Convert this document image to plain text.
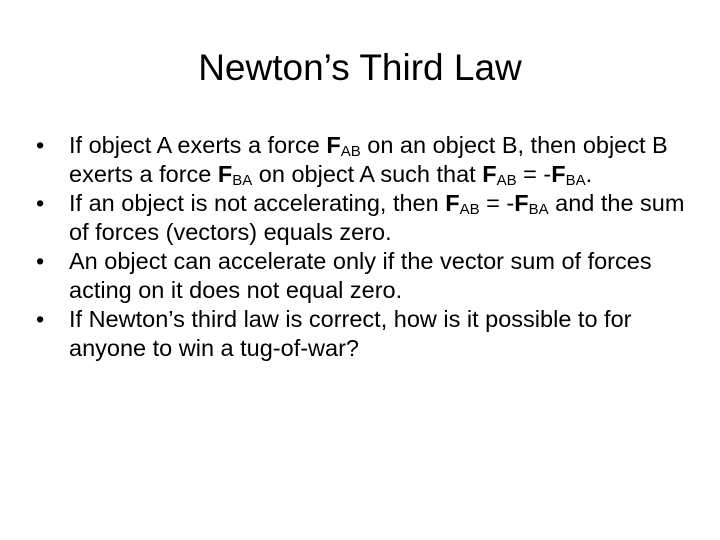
Newton’s Third Law
•	If object A exerts a force $F_{AB}$ on an object B, then object B exerts a force $F_{BA}$ on object A such that $F_{AB} = -F_{BA}$.
•	If an object is not accelerating, then $F_{AB} = -F_{BA}$ and the sum of forces (vectors) equals zero.
•	An object can accelerate only if the vector sum of forces acting on it does not equal zero.
•	If Newton’s third law is correct, how is it possible to for anyone to win a tug-of-war?
